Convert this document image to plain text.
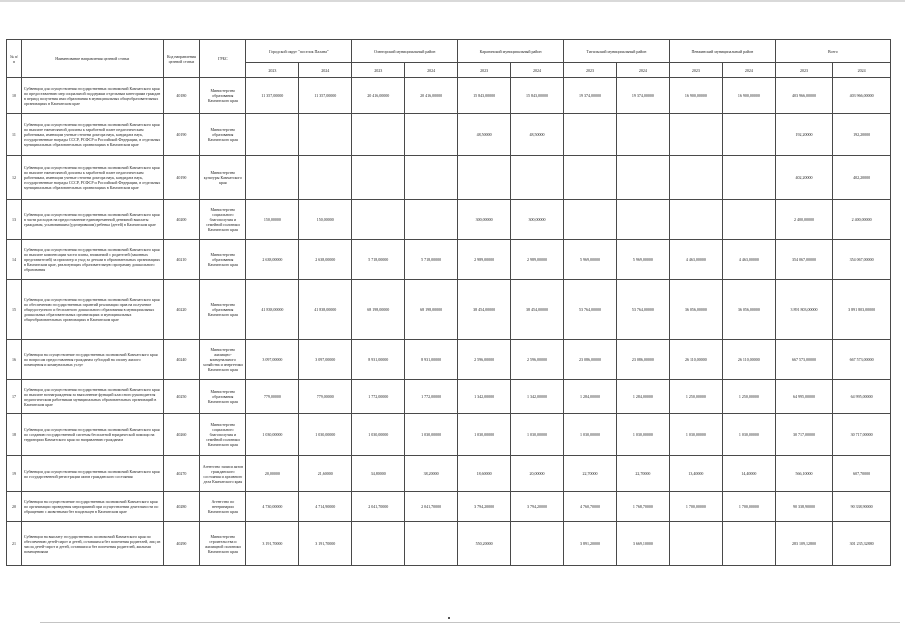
№ п/п	Наименование направления целевой статьи	Код направления целевой статьи	ГРБС	Городской округ "поселок Палана"		Олюторский муниципальный район		Карагинский муниципальный район		Тигильский муниципальный район		Пенжинский муниципальный район		Всего	
				2023	2024	2023	2024	2023	2024	2023	2024	2023	2024	2023	2024
10	Субвенции для осуществления государственных полномочий Камчатского края по предоставлению мер социальной поддержки отдельным категориям граждан в период получения ими образования в муниципальных общеобразовательных организациях в Камчатском крае	40180	Министерство образования Камчатского края	11 357,00000	11 357,00000	20 416,00000	20 416,00000	15 843,00000	15 843,00000	19 374,00000	19 374,00000	16 900,00000	16 900,00000	403 966,00000	403 966,00000
11	Субвенции для осуществления государственных полномочий Камчатского края по выплате ежемесячной доплаты к заработной плате педагогическим работникам, имеющим ученые степени доктора наук, кандидата наук, государственные награды СССР, РСФСР и Российской Федерации, в отдельных муниципальных образовательных организациях в Камчатском крае	40190	Министерство образования Камчатского края					48,50000	48,50000					192,20000	192,20000
12	Субвенции для осуществления государственных полномочий Камчатского края по выплате ежемесячной доплаты к заработной плате педагогическим работникам, имеющим ученые степени доктора наук, кандидата наук, государственные награды СССР, РСФСР и Российской Федерации, в отдельных муниципальных образовательных организациях в Камчатском крае	40190	Министерство культуры Камчатского края											402,20000	402,20000
13	Субвенции для осуществления государственных полномочий Камчатского края в части расходов на предоставление единовременной денежной выплаты гражданам, усыновившим (удочерившим) ребенка (детей) в Камчатском крае	40200	Министерство социального благополучия и семейной политики Камчатского края	150,00000	150,00000			300,00000	300,00000					2 400,00000	2 400,00000
14	Субвенции для осуществления государственных полномочий Камчатского края по выплате компенсации части платы, взимаемой с родителей (законных представителей) за присмотр и уход за детьми в образовательных организациях в Камчатском крае, реализующих образовательную программу дошкольного образования	40210	Министерство образования Камчатского края	2 638,00000	2 638,00000	5 718,00000	5 718,00000	2 989,00000	2 989,00000	5 969,00000	5 969,00000	4 463,00000	4 463,00000	354 067,00000	354 067,00000
15	Субвенции для осуществления государственных полномочий Камчатского края по обеспечению государственных гарантий реализации прав на получение общедоступного и бесплатного дошкольного образования в муниципальных дошкольных образовательных организациях и муниципальных общеобразовательных организациях в Камчатском крае	40220	Министерство образования Камчатского края	41 838,00000	41 838,00000	68 198,00000	68 198,00000	38 454,00000	38 454,00000	53 764,00000	53 764,00000	36 056,00000	36 056,00000	3 891 803,00000	3 891 803,00000
16	Субвенции на осуществление государственных полномочий Камчатского края по вопросам предоставления гражданам субсидий на оплату жилого помещения и коммунальных услуг	40240	Министерство жилищно-коммунального хозяйства и энергетики Камчатского края	3 097,00000	3 097,00000	8 931,00000	8 931,00000	2 596,00000	2 596,00000	23 086,00000	23 086,00000	26 110,00000	26 110,00000	667 573,00000	667 573,00000
17	Субвенции для осуществления государственных полномочий Камчатского края по выплате вознаграждения за выполнение функций классного руководителя педагогическим работникам муниципальных образовательных организаций в Камчатском крае	40250	Министерство образования Камчатского края	779,00000	779,00000	1 772,00000	1 772,00000	1 342,00000	1 342,00000	1 284,00000	1 284,00000	1 250,00000	1 250,00000	64 995,00000	64 995,00000
18	Субвенции для осуществления государственных полномочий Камчатского края по созданию государственной системы бесплатной юридической помощи на территории Камчатского края по направлению гражданам	40260	Министерство социального благополучия и семейной политики Камчатского края	1 030,00000	1 030,00000	1 030,00000	1 030,00000	1 030,00000	1 030,00000	1 030,00000	1 030,00000	1 030,00000	1 030,00000	30 717,00000	30 717,00000
19	Субвенции для осуществления государственных полномочий Камчатского края по государственной регистрации актов гражданского состояния	40270	Агентство записи актов гражданского состояния и архивного дела Камчатского края	20,00000	21,60000	34,80000	38,20000	18,60000	20,00000	22,70000	22,70000	13,40000	14,40000	566,10000	607,70000
20	Субвенции на осуществление государственных полномочий Камчатского края по организации проведения мероприятий при осуществлении деятельности по обращению с животными без владельцев в Камчатском крае	40280	Агентство по ветеринарии Камчатского края	4 730,00000	4 714,90000	2 041,70000	2 041,70000	3 794,20000	3 794,20000	4 760,70000	1 768,70000	1 700,00000	1 700,00000	90 338,90000	90 338,90000
21	Субвенции на выплату государственных полномочий Камчатского края по обеспечению детей-сирот и детей, оставшихся без попечения родителей, лиц из числа детей-сирот и детей, оставшихся без попечения родителей, жилыми помещениями	40290	Министерство строительства и жилищной политики Камчатского края	3 191,70000	3 191,70000			550,20000		3 891,20000	3 669,10000			283 109,12800	301 235,32880
